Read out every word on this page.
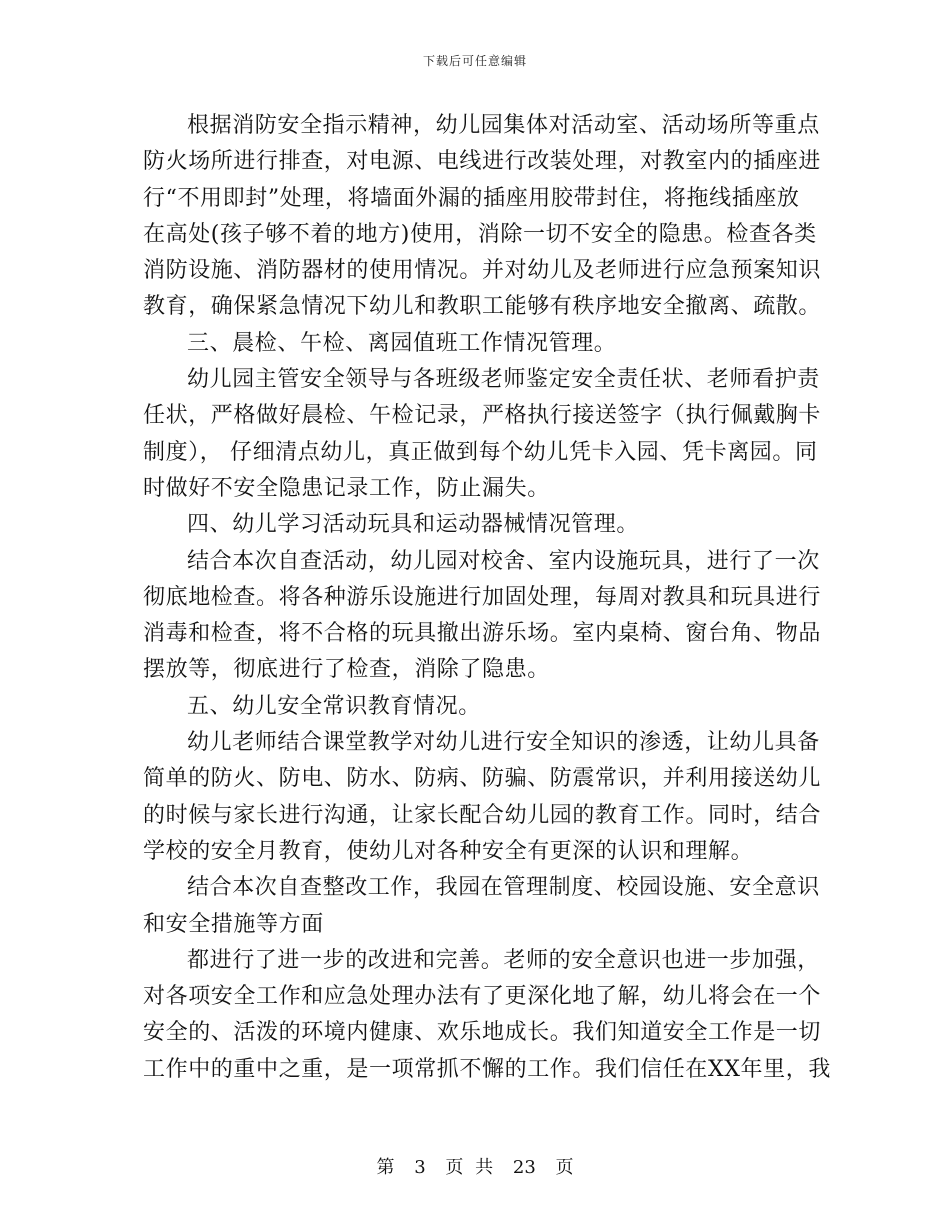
下载后可任意编辑
根据消防安全指示精神，幼儿园集体对活动室、活动场所等重点
防火场所进行排查，对电源、电线进行改装处理，对教室内的插座进
行“不用即封”处理，将墙面外漏的插座用胶带封住，将拖线插座放
在高处(孩子够不着的地方)使用，消除一切不安全的隐患。检查各类
消防设施、消防器材的使用情况。并对幼儿及老师进行应急预案知识
教育，确保紧急情况下幼儿和教职工能够有秩序地安全撤离、疏散。
三、晨检、午检、离园值班工作情况管理。
幼儿园主管安全领导与各班级老师鉴定安全责任状、老师看护责
任状，严格做好晨检、午检记录，严格执行接送签字（执行佩戴胸卡
制度）， 仔细清点幼儿，真正做到每个幼儿凭卡入园、凭卡离园。同
时做好不安全隐患记录工作，防止漏失。
四、幼儿学习活动玩具和运动器械情况管理。
结合本次自查活动，幼儿园对校舍、室内设施玩具，进行了一次
彻底地检查。将各种游乐设施进行加固处理，每周对教具和玩具进行
消毒和检查，将不合格的玩具撤出游乐场。室内桌椅、窗台角、物品
摆放等，彻底进行了检查，消除了隐患。
五、幼儿安全常识教育情况。
幼儿老师结合课堂教学对幼儿进行安全知识的渗透，让幼儿具备
简单的防火、防电、防水、防病、防骗、防震常识，并利用接送幼儿
的时候与家长进行沟通，让家长配合幼儿园的教育工作。同时，结合
学校的安全月教育，使幼儿对各种安全有更深的认识和理解。
结合本次自查整改工作，我园在管理制度、校园设施、安全意识
和安全措施等方面
都进行了进一步的改进和完善。老师的安全意识也进一步加强，
对各项安全工作和应急处理办法有了更深化地了解，幼儿将会在一个
安全的、活泼的环境内健康、欢乐地成长。我们知道安全工作是一切
工作中的重中之重，是一项常抓不懈的工作。我们信任在XX年里，我
第 3 页 共 23 页
